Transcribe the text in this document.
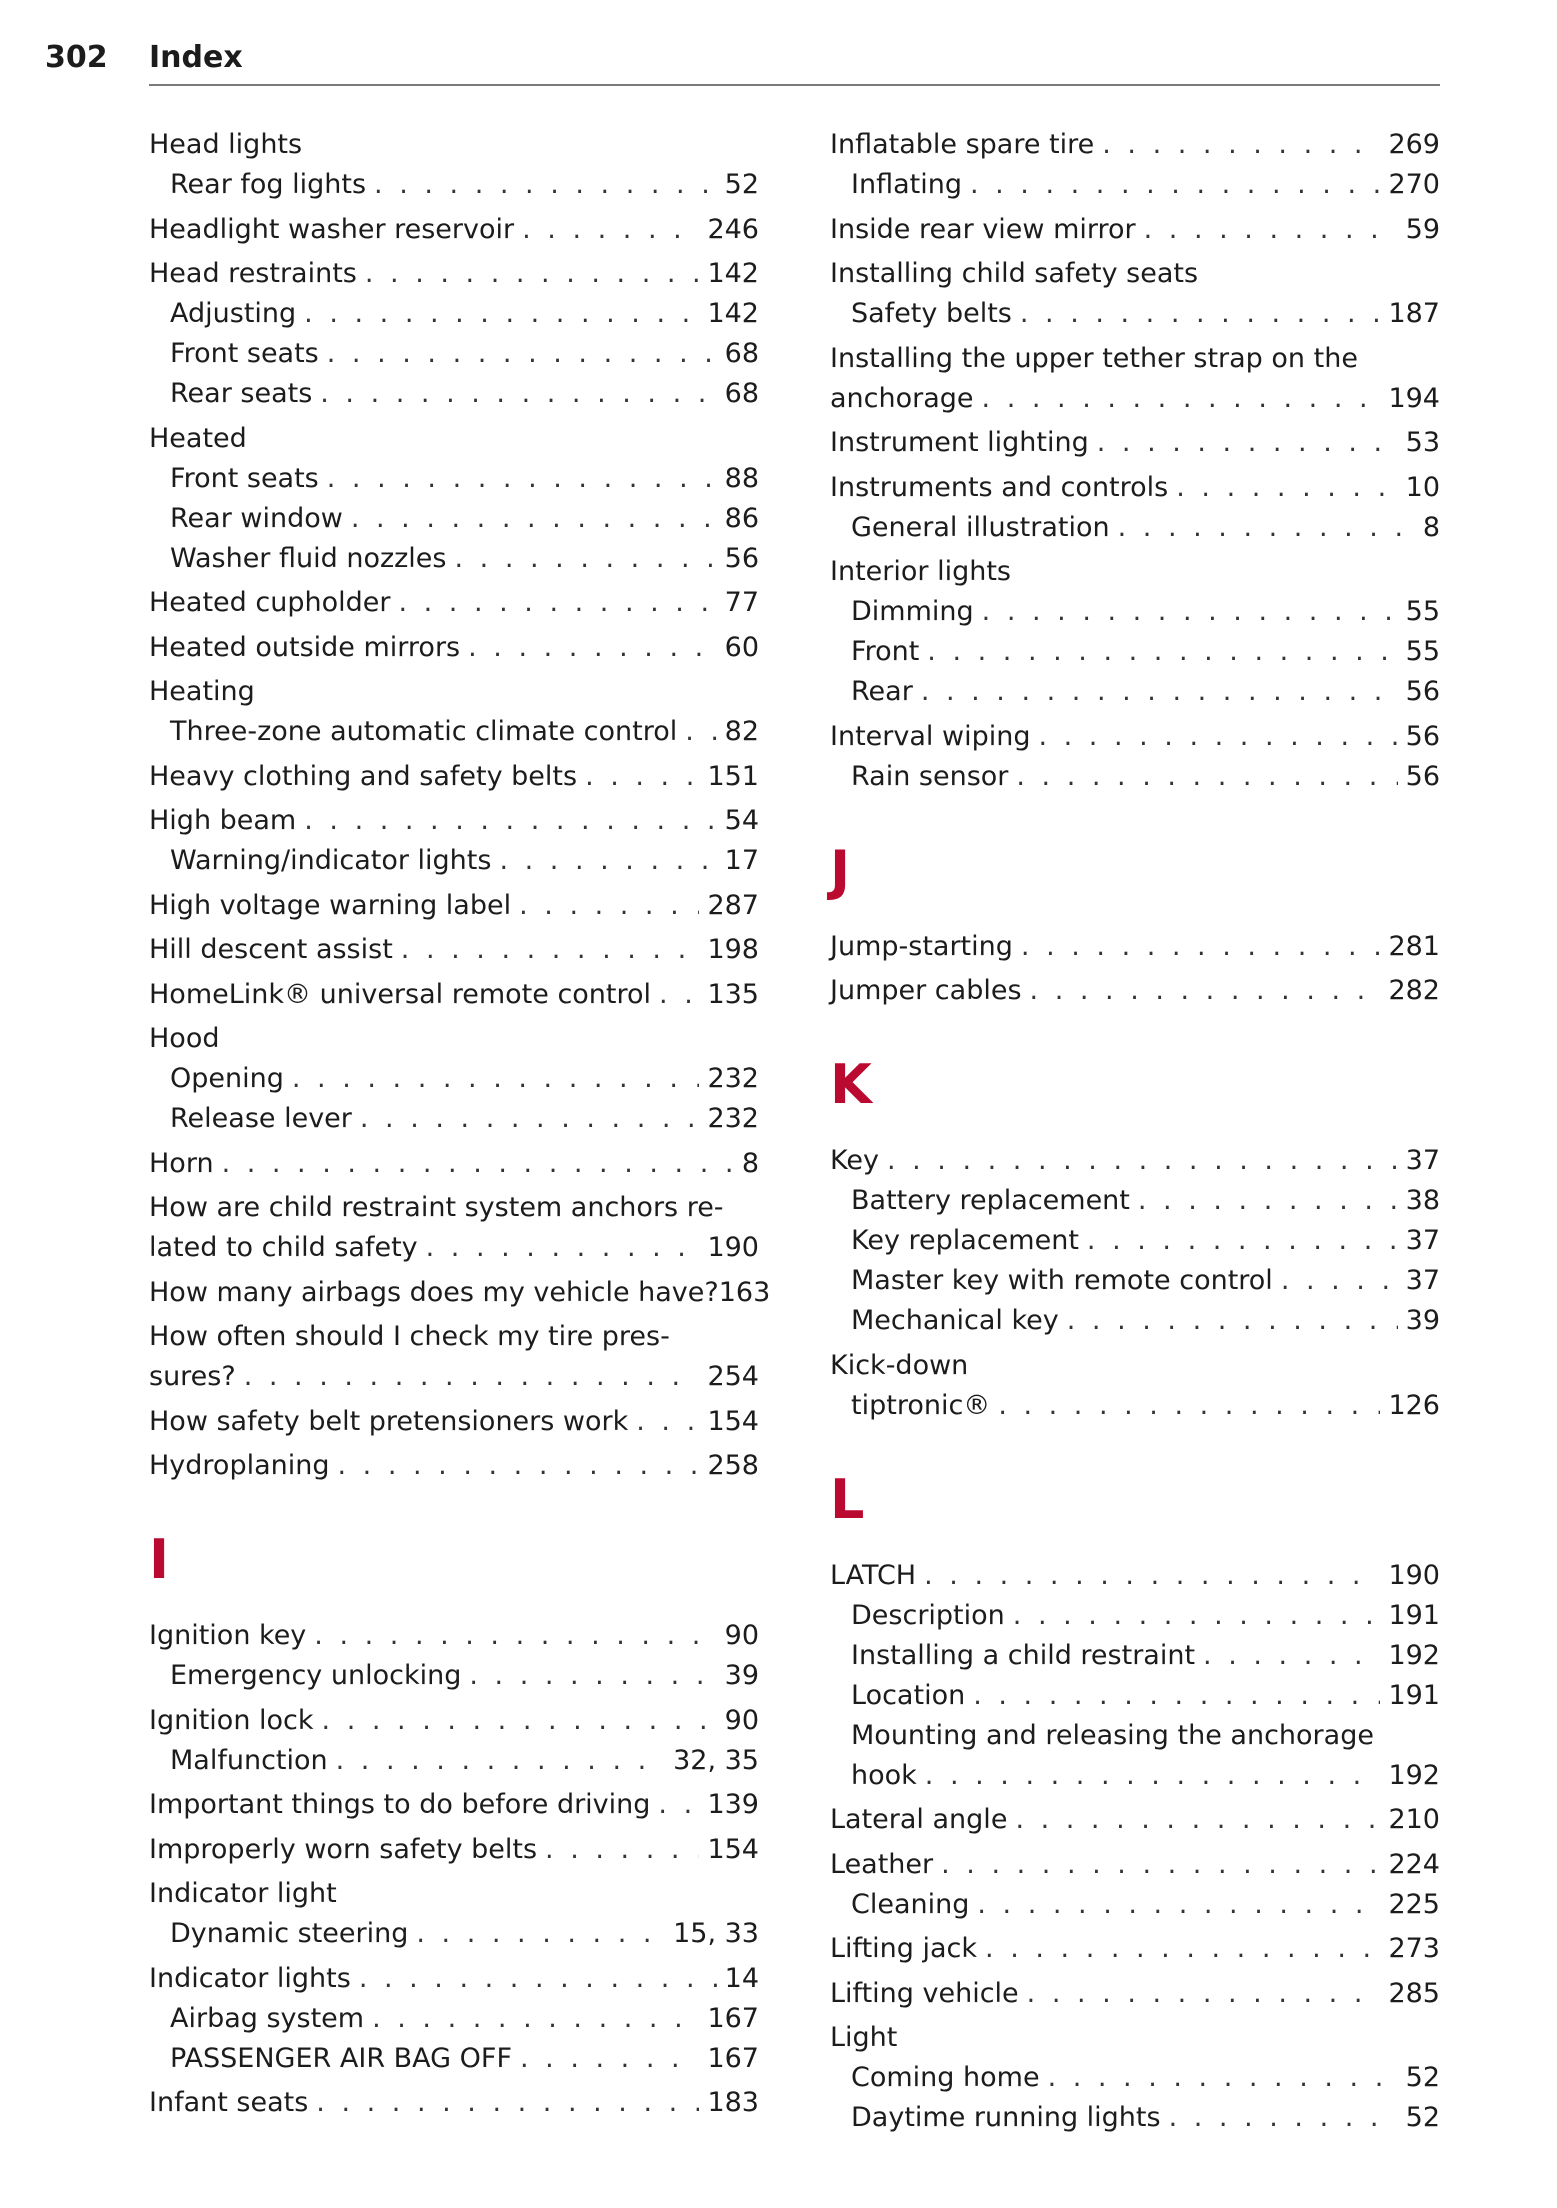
302	Index
Head lights
Rear fog lights . . .	52
Headlight washer reservoir . . .	246
Head restraints . . .	142
Adjusting . . .	142
Front seats . . .	68
Rear seats . . .	68
Heated
Front seats . . .	88
Rear window . . .	86
Washer fluid nozzles . . .	56
Heated cupholder . . .	77
Heated outside mirrors . . .	60
Heating
Three-zone automatic climate control . . . 82
Heavy clothing and safety belts . . .	151
High beam . . .	54
Warning/indicator lights . . .	17
High voltage warning label . . .	287
Hill descent assist . . .	198
HomeLink® universal remote control . . . 135
Hood
Opening . . .	232
Release lever . . .	232
Horn . . .	8
How are child restraint system anchors re-
lated to child safety . . .	190
How many airbags does my vehicle have? 163
How often should I check my tire pres-
sures? . . .	254
How safety belt pretensioners work . . .	154
Hydroplaning . . .	258
I
Ignition key . . .	90
Emergency unlocking . . .	39
Ignition lock . . .	90
Malfunction . . .	32, 35
Important things to do before driving . . . 139
Improperly worn safety belts . . .	154
Indicator light
Dynamic steering . . .	15, 33
Indicator lights . . .	14
Airbag system . . .	167
PASSENGER AIR BAG OFF . . .	167
Infant seats . . .	183
Inflatable spare tire . . .	269
Inflating . . .	270
Inside rear view mirror . . .	59
Installing child safety seats
Safety belts . . .	187
Installing the upper tether strap on the
anchorage . . .	194
Instrument lighting . . .	53
Instruments and controls . . .	10
General illustration . . .	8
Interior lights
Dimming . . .	55
Front . . .	55
Rear . . .	56
Interval wiping . . .	56
Rain sensor . . .	56
J
Jump-starting . . .	281
Jumper cables . . .	282
K
Key . . .	37
Battery replacement . . .	38
Key replacement . . .	37
Master key with remote control . . .	37
Mechanical key . . .	39
Kick-down
tiptronic® . . .	126
L
LATCH . . .	190
Description . . .	191
Installing a child restraint . . .	192
Location . . .	191
Mounting and releasing the anchorage
hook . . .	192
Lateral angle . . .	210
Leather . . .	224
Cleaning . . .	225
Lifting jack . . .	273
Lifting vehicle . . .	285
Light
Coming home . . .	52
Daytime running lights . . .	52
